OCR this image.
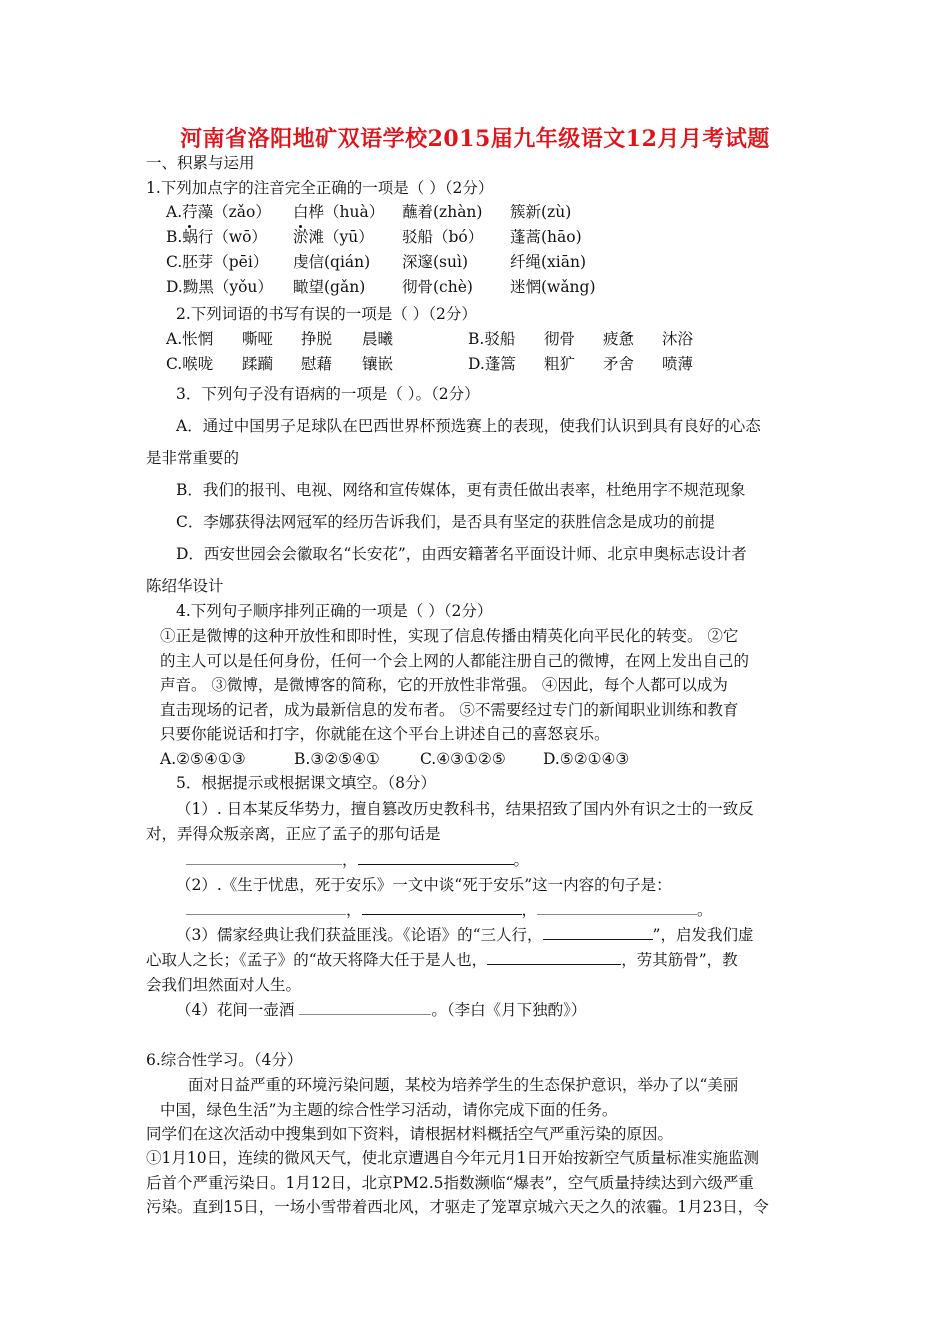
河南省洛阳地矿双语学校2015届九年级语文12月月考试题
一、积累与运用
1.下列加点字的注音完全正确的一项是（ ）（2分）
A.荇藻（zǎo） 白桦（huà） 蘸着(zhàn) 簇新(zù)
B.蜗行（wō） 淤滩（yū） 驳船（bó） 蓬蒿(hāo)
C.胚芽（pēi） 虔信(qián) 深邃(suì)	纤绳(xiān)
D.黝黑（yǒu） 瞰望(gǎn) 彻骨(chè) 迷惘(wǎng)
2.下列词语的书写有误的一项是（ ）（2分）
A.怅惘 嘶哑 挣脱 晨曦	B.驳船 彻骨 疲惫 沐浴
C.喉咙 蹂躏 慰藉 镶嵌	D.蓬篙 粗犷 矛舍 喷薄
3．下列句子没有语病的一项是（ ）。（2分）
A．通过中国男子足球队在巴西世界杯预选赛上的表现，使我们认识到具有良好的心态
是非常重要的
B．我们的报刊、电视、网络和宣传媒体，更有责任做出表率，杜绝用字不规范现象
C．李娜获得法网冠军的经历告诉我们，是否具有坚定的获胜信念是成功的前提
D．西安世园会会徽取名“长安花”，由西安籍著名平面设计师、北京申奥标志设计者
陈绍华设计
4.下列句子顺序排列正确的一项是（ ）（2分）
①正是微博的这种开放性和即时性，实现了信息传播由精英化向平民化的转变。 ②它
的主人可以是任何身份，任何一个会上网的人都能注册自己的微博，在网上发出自己的
声音。 ③微博，是微博客的简称，它的开放性非常强。 ④因此，每个人都可以成为
直击现场的记者，成为最新信息的发布者。 ⑤不需要经过专门的新闻职业训练和教育
只要你能说话和打字，你就能在这个平台上讲述自己的喜怒哀乐。
A.②⑤④①③	B.③②⑤④①	C.④③①②⑤ D.⑤②①④③
5．根据提示或根据课文填空。（8分）
（1）. 日本某反华势力，擅自篡改历史教科书，结果招致了国内外有识之士的一致反
对，弄得众叛亲离，正应了孟子的那句话是
，	。
（2）.《生于忧患，死于安乐》一文中谈“死于安乐”这一内容的句子是：
，	，	。
（3）儒家经典让我们获益匪浅。《论语》的“三人行，	”，启发我们虚
心取人之长；《孟子》的“故天将降大任于是人也，	，劳其筋骨”，教
会我们坦然面对人生。
（4）花间一壶酒	。（李白《月下独酌》）
6.综合性学习。（4分）
面对日益严重的环境污染问题，某校为培养学生的生态保护意识，举办了以“美丽
中国，绿色生活”为主题的综合性学习活动，请你完成下面的任务。
同学们在这次活动中搜集到如下资料，请根据材料概括空气严重污染的原因。
①1月10日，连续的微风天气，使北京遭遇自今年元月1日开始按新空气质量标准实施监测
后首个严重污染日。1月12日，北京PM2.5指数濒临“爆表”，空气质量持续达到六级严重
污染。直到15日，一场小雪带着西北风，才驱走了笼罩京城六天之久的浓霾。1月23日，令
